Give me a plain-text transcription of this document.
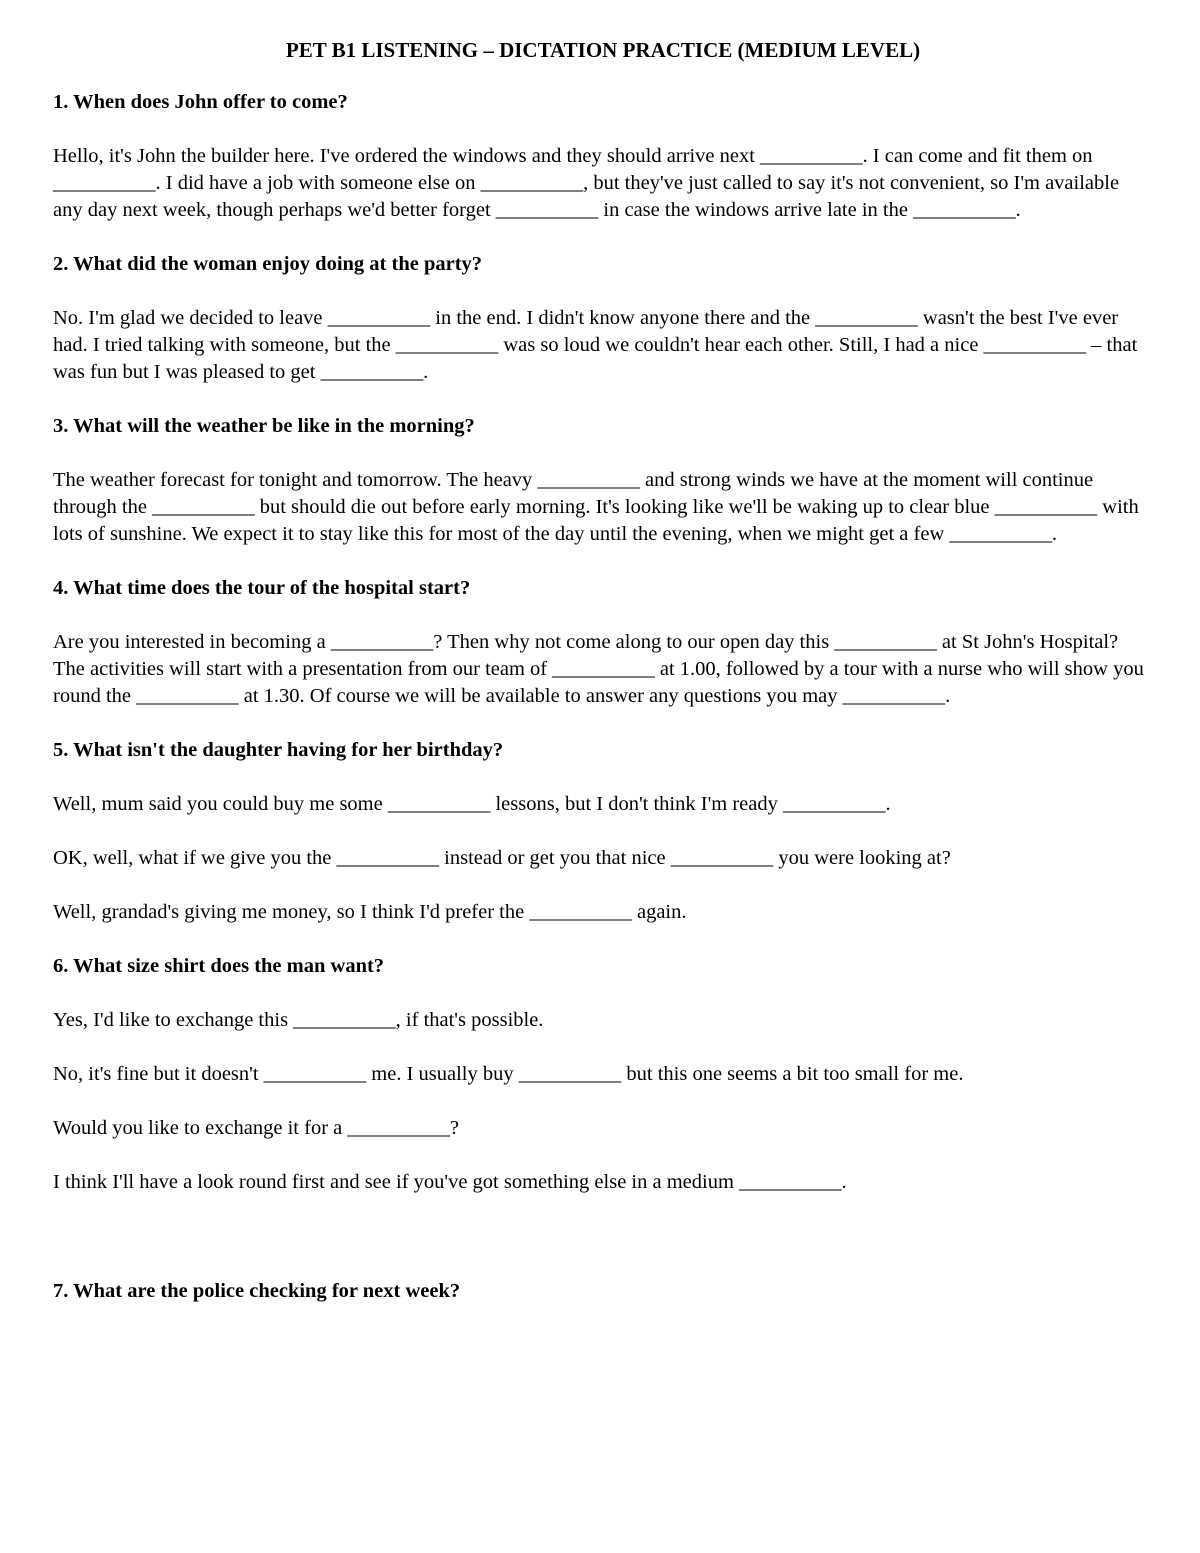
PET B1 LISTENING – DICTATION PRACTICE (MEDIUM LEVEL)
1. When does John offer to come?
Hello, it's John the builder here. I've ordered the windows and they should arrive next __________. I can come and fit them on __________. I did have a job with someone else on __________, but they've just called to say it's not convenient, so I'm available any day next week, though perhaps we'd better forget __________ in case the windows arrive late in the __________.
2. What did the woman enjoy doing at the party?
No. I'm glad we decided to leave __________ in the end. I didn't know anyone there and the __________ wasn't the best I've ever had. I tried talking with someone, but the __________ was so loud we couldn't hear each other. Still, I had a nice __________ – that was fun but I was pleased to get __________.
3. What will the weather be like in the morning?
The weather forecast for tonight and tomorrow. The heavy __________ and strong winds we have at the moment will continue through the __________ but should die out before early morning. It's looking like we'll be waking up to clear blue __________ with lots of sunshine. We expect it to stay like this for most of the day until the evening, when we might get a few __________.
4. What time does the tour of the hospital start?
Are you interested in becoming a __________? Then why not come along to our open day this __________ at St John's Hospital? The activities will start with a presentation from our team of __________ at 1.00, followed by a tour with a nurse who will show you round the __________ at 1.30. Of course we will be available to answer any questions you may __________.
5. What isn't the daughter having for her birthday?
Well, mum said you could buy me some __________ lessons, but I don't think I'm ready __________.
OK, well, what if we give you the __________ instead or get you that nice __________ you were looking at?
Well, grandad's giving me money, so I think I'd prefer the __________ again.
6. What size shirt does the man want?
Yes, I'd like to exchange this __________, if that's possible.
No, it's fine but it doesn't __________ me. I usually buy __________ but this one seems a bit too small for me.
Would you like to exchange it for a __________?
I think I'll have a look round first and see if you've got something else in a medium __________.
7. What are the police checking for next week?
